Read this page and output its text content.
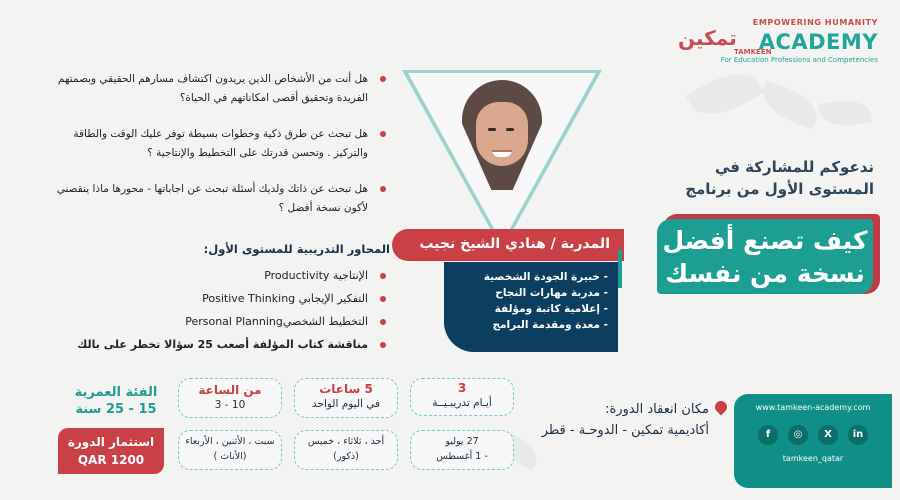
تمكين
TAMKEEN
EMPOWERING HUMANITY
ACADEMY
For Education Professions and Competencies
ندعوكم للمشاركة في
المستوى الأول من برنامج
كيف تصنع أفضل
نسخة من نفسك
المدربة / هنادي الشيخ نجيب
- خبيرة الجودة الشخصية
- مدربة مهارات النجاح
- إعلامية كاتبة ومؤلفة
- معدة ومقدمة البرامج
هل أنت من الأشخاص الذين يريدون اكتشاف مسارهم الحقيقي وبصمتهم الفريدة وتحقيق أقصى امكاناتهم في الحياة؟
هل تبحث عن طرق ذكية وخطوات بسيطة توفر عليك الوقت والطاقة والتركيز . وتحسن قدرتك على التخطيط والإنتاجية ؟
هل تبحث عن ذاتك ولديك أسئلة تبحث عن اجاباتها - محورها ماذا ينقصني لأكون نسخة أفضل ؟
المحاور التدريبية للمستوى الأول:
الإنتاجية Productivity
التفكير الإيجابي Positive Thinking
التخطيط الشخصيPersonal Planning
مناقشة كتاب المؤلفة أصعب 25 سؤالا تخطر على بالك
3
أيـام تدريبـيــة
27 يوليو
- 1 أغسطس
5 ساعات
في اليوم الواحد
أحد ، ثلاثاء ، خميس
(ذكور)
من الساعة
10 - 3
سبت ، الأثنين ، الأربعاء
(الأناث )
الفئة العمرية
15 - 25 سنة
استثمار الدورة
QAR 1200
مكان انعقاد الدورة:
أكاديمية تمكين - الدوحـة - قطر
www.tamkeen-academy.com
f	◎	X	in
tamkeen_qatar
